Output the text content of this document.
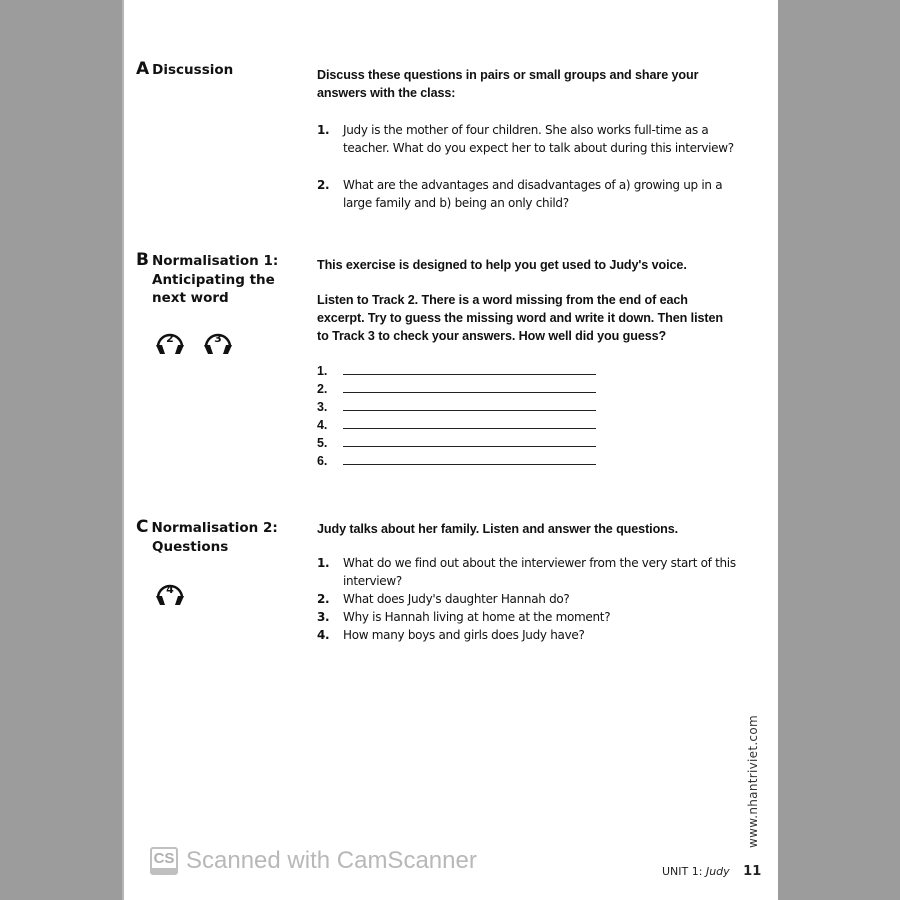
A Discussion	Discuss these questions in pairs or small groups and share your answers with the class:
1. Judy is the mother of four children. She also works full-time as a teacher. What do you expect her to talk about during this interview?
2. What are the advantages and disadvantages of a) growing up in a large family and b) being an only child?
B Normalisation 1:
Anticipating the
next word
2	3
This exercise is designed to help you get used to Judy's voice.
Listen to Track 2. There is a word missing from the end of each excerpt. Try to guess the missing word and write it down. Then listen to Track 3 to check your answers. How well did you guess?
1.
2.
3.
4.
5.
6.
C Normalisation 2:
Questions
4
Judy talks about her family. Listen and answer the questions.
1. What do we find out about the interviewer from the very start of this interview?
2. What does Judy's daughter Hannah do?
3. Why is Hannah living at home at the moment?
4. How many boys and girls does Judy have?
www.nhantriviet.com
CS Scanned with CamScanner	UNIT 1: Judy 11
